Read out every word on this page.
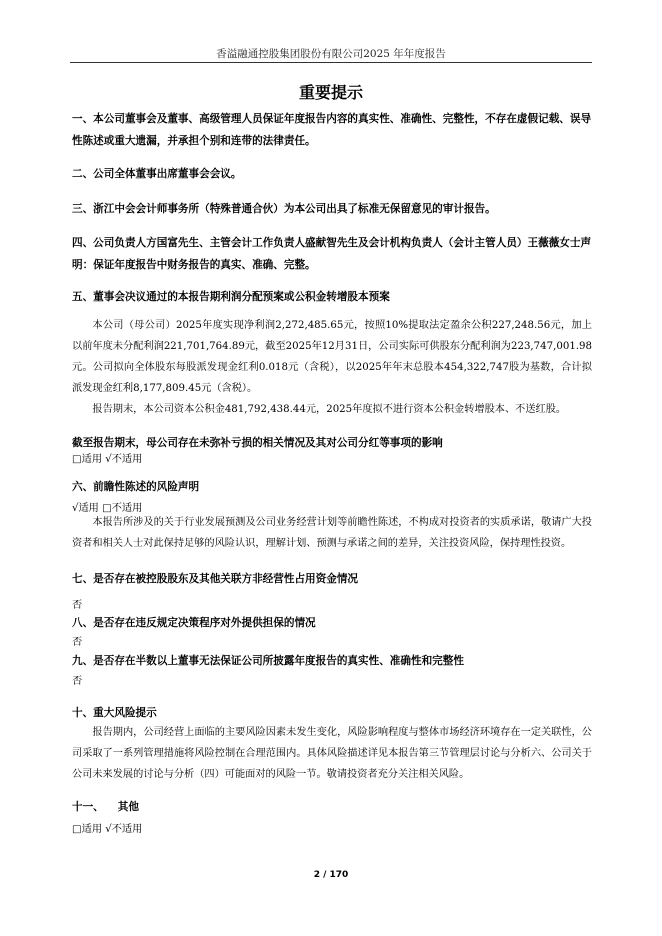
香溢融通控股集团股份有限公司2025 年年度报告
重要提示
一、本公司董事会及董事、高级管理人员保证年度报告内容的真实性、准确性、完整性，不存在虚假记载、误导性陈述或重大遗漏，并承担个别和连带的法律责任。
二、公司全体董事出席董事会会议。
三、浙江中会会计师事务所（特殊普通合伙）为本公司出具了标准无保留意见的审计报告。
四、公司负责人方国富先生、主管会计工作负责人盛献智先生及会计机构负责人（会计主管人员）王薇薇女士声明：保证年度报告中财务报告的真实、准确、完整。
五、董事会决议通过的本报告期利润分配预案或公积金转增股本预案
本公司（母公司）2025年度实现净利润2,272,485.65元，按照10%提取法定盈余公积227,248.56元，加上以前年度未分配利润221,701,764.89元，截至2025年12月31日，公司实际可供股东分配利润为223,747,001.98元。公司拟向全体股东每股派发现金红利0.018元（含税），以2025年年末总股本454,322,747股为基数，合计拟派发现金红利8,177,809.45元（含税）。
报告期末，本公司资本公积金481,792,438.44元，2025年度拟不进行资本公积金转增股本、不送红股。
截至报告期末，母公司存在未弥补亏损的相关情况及其对公司分红等事项的影响
□适用 √不适用
六、前瞻性陈述的风险声明
√适用 □不适用
本报告所涉及的关于行业发展预测及公司业务经营计划等前瞻性陈述，不构成对投资者的实质承诺，敬请广大投资者和相关人士对此保持足够的风险认识，理解计划、预测与承诺之间的差异，关注投资风险，保持理性投资。
七、是否存在被控股股东及其他关联方非经营性占用资金情况
否
八、是否存在违反规定决策程序对外提供担保的情况
否
九、是否存在半数以上董事无法保证公司所披露年度报告的真实性、准确性和完整性
否
十、重大风险提示
报告期内，公司经营上面临的主要风险因素未发生变化，风险影响程度与整体市场经济环境存在一定关联性，公司采取了一系列管理措施将风险控制在合理范围内。具体风险描述详见本报告第三节管理层讨论与分析六、公司关于公司未来发展的讨论与分析（四）可能面对的风险一节。敬请投资者充分关注相关风险。
十一、 其他
□适用 √不适用
2 / 170
